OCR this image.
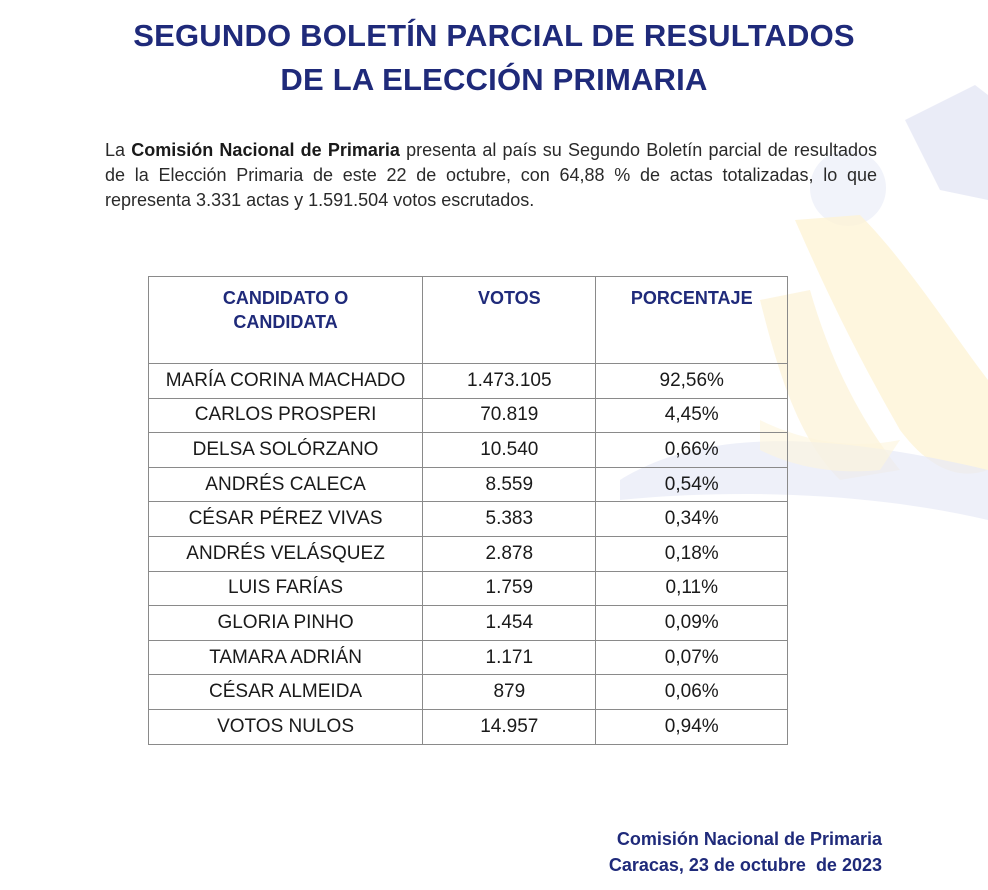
SEGUNDO BOLETÍN PARCIAL DE RESULTADOS
DE LA ELECCIÓN PRIMARIA
La Comisión Nacional de Primaria presenta al país su Segundo Boletín parcial de resultados de la Elección Primaria de este 22 de octubre, con 64,88 % de actas totalizadas, lo que representa 3.331 actas y 1.591.504 votos escrutados.
CANDIDATO O CANDIDATA	VOTOS	PORCENTAJE
MARÍA CORINA MACHADO	1.473.105	92,56%
CARLOS PROSPERI	70.819	4,45%
DELSA SOLÓRZANO	10.540	0,66%
ANDRÉS CALECA	8.559	0,54%
CÉSAR PÉREZ VIVAS	5.383	0,34%
ANDRÉS VELÁSQUEZ	2.878	0,18%
LUIS FARÍAS	1.759	0,11%
GLORIA PINHO	1.454	0,09%
TAMARA ADRIÁN	1.171	0,07%
CÉSAR ALMEIDA	879	0,06%
VOTOS NULOS	14.957	0,94%
Comisión Nacional de Primaria
Caracas, 23 de octubre  de 2023
